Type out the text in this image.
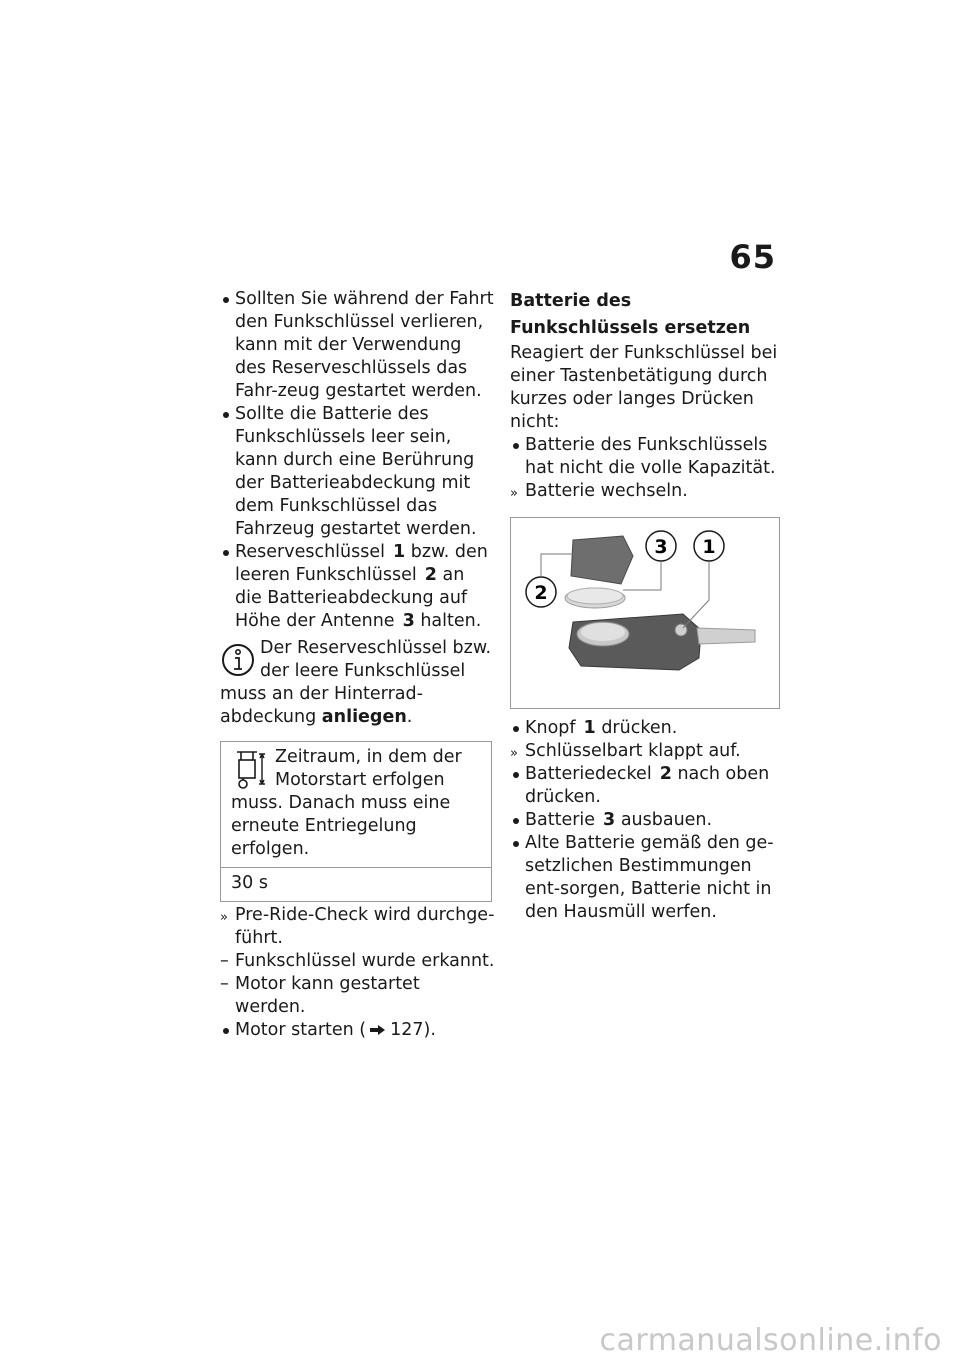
65

Sollten Sie während der Fahrt den Funkschlüssel verlieren, kann mit der Verwendung des Reserveschlüssels das Fahr-zeug gestartet werden.

Sollte die Batterie des Funkschlüssels leer sein, kann durch eine Berührung der Batterieabdeckung mit dem Funkschlüssel das Fahrzeug gestartet werden.

Reserveschlüssel 1 bzw. den leeren Funkschlüssel 2 an die Batterieabdeckung auf Höhe der Antenne 3 halten.

Der Reserveschlüssel bzw. der leere Funkschlüssel muss an der Hinterrad-abdeckung anliegen.
Zeitraum, in dem der Motorstart erfolgen muss. Danach muss eine erneute Entriegelung erfolgen.
30 s

» Pre-Ride-Check wird durchge-führt.

– Funkschlüssel wurde erkannt.

– Motor kann gestartet werden.

Motor starten ( 127).

Batterie des Funkschlüssels ersetzen

Reagiert der Funkschlüssel bei einer Tastenbetätigung durch kurzes oder langes Drücken nicht:

Batterie des Funkschlüssels hat nicht die volle Kapazität.

» Batterie wechseln.

2
3 1

Knopf 1 drücken.

» Schlüsselbart klappt auf.

Batteriedeckel 2 nach oben drücken.

Batterie 3 ausbauen.

Alte Batterie gemäß den ge-setzlichen Bestimmungen ent-sorgen, Batterie nicht in den Hausmüll werfen.

carmanualsonline.info
